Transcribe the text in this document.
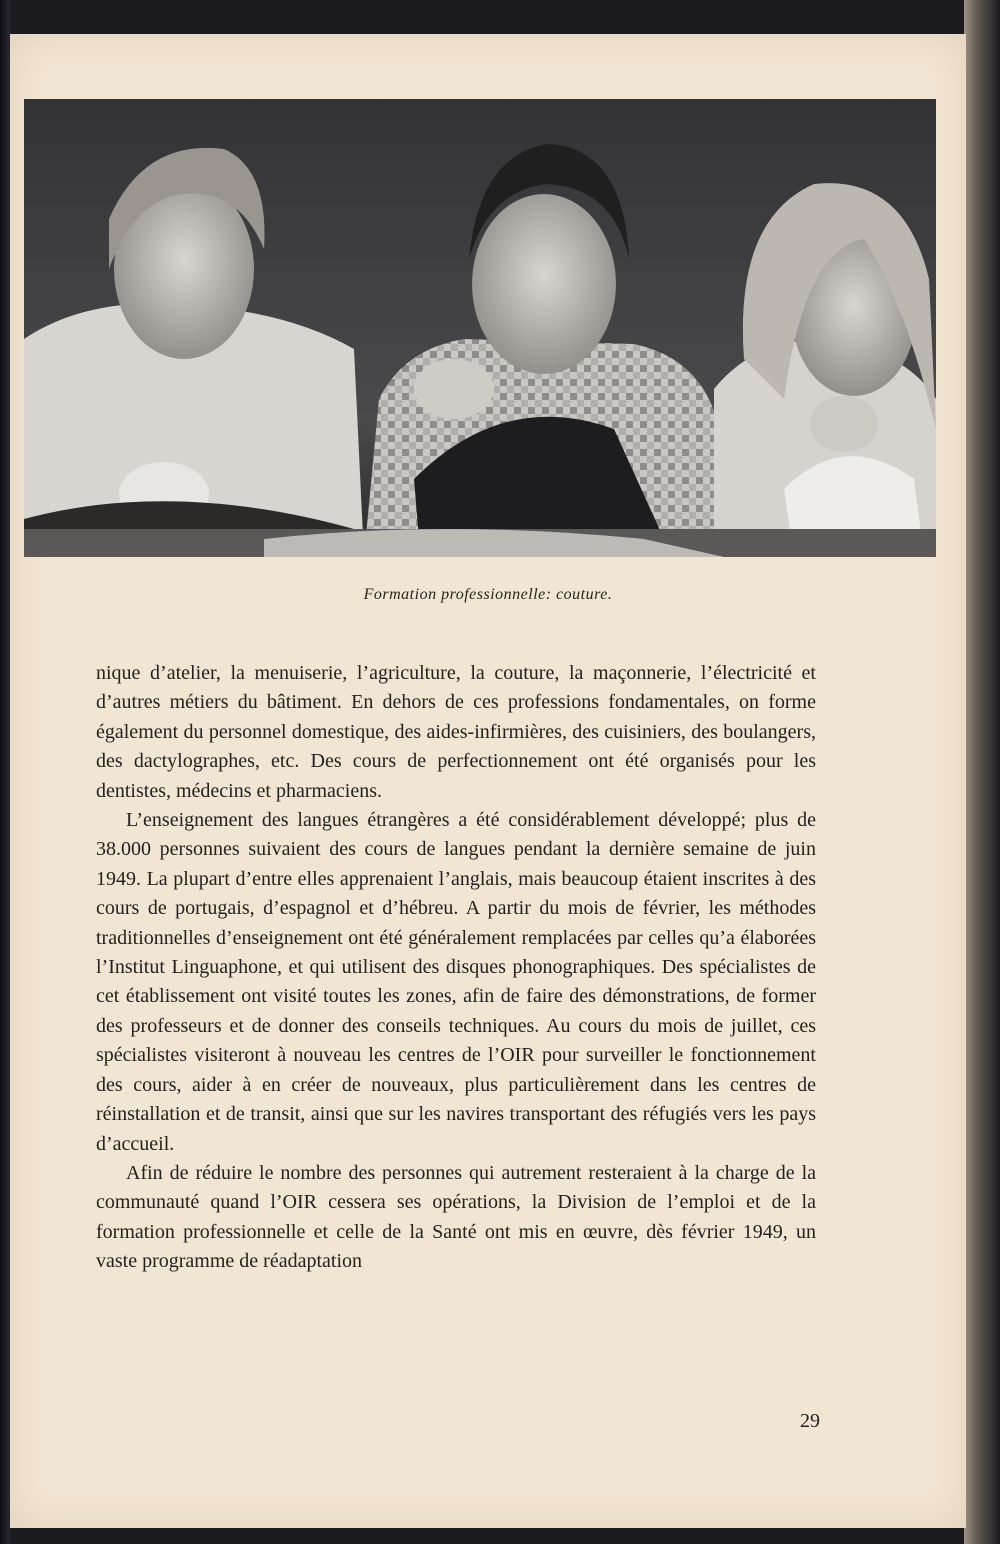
Formation professionnelle: couture.

nique d’atelier, la menuiserie, l’agriculture, la couture, la maçonnerie, l’électricité et d’autres métiers du bâtiment. En dehors de ces professions fondamentales, on forme également du personnel domestique, des aides-infirmières, des cuisiniers, des boulangers, des dactylographes, etc. Des cours de perfectionnement ont été organisés pour les dentistes, médecins et pharmaciens.

L’enseignement des langues étrangères a été considérablement développé; plus de 38.000 personnes suivaient des cours de langues pendant la dernière semaine de juin 1949. La plupart d’entre elles apprenaient l’anglais, mais beaucoup étaient inscrites à des cours de portugais, d’espagnol et d’hébreu. A partir du mois de février, les méthodes traditionnelles d’enseignement ont été généralement remplacées par celles qu’a élaborées l’Institut Linguaphone, et qui utilisent des disques phonographiques. Des spécialistes de cet établissement ont visité toutes les zones, afin de faire des démonstrations, de former des professeurs et de donner des conseils techniques. Au cours du mois de juillet, ces spécialistes visiteront à nouveau les centres de l’OIR pour surveiller le fonctionnement des cours, aider à en créer de nouveaux, plus particulièrement dans les centres de réinstallation et de transit, ainsi que sur les navires transportant des réfugiés vers les pays d’accueil.

Afin de réduire le nombre des personnes qui autrement resteraient à la charge de la communauté quand l’OIR cessera ses opérations, la Division de l’emploi et de la formation professionnelle et celle de la Santé ont mis en œuvre, dès février 1949, un vaste programme de réadaptation

29
